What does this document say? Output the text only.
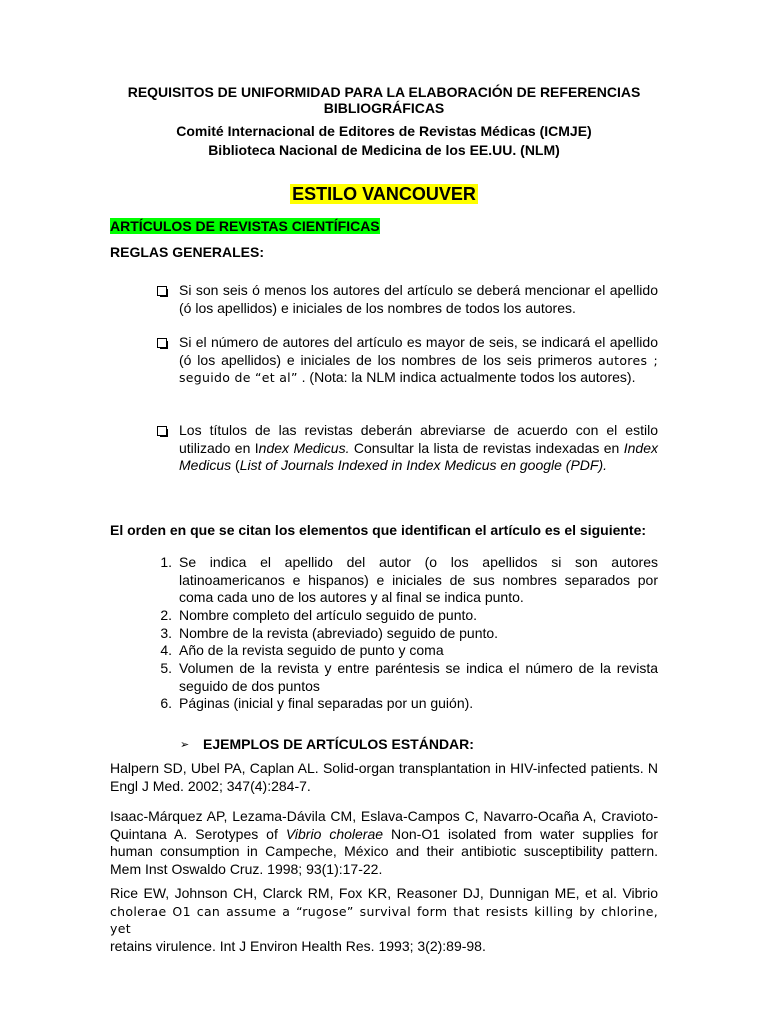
REQUISITOS DE UNIFORMIDAD PARA LA ELABORACIÓN DE REFERENCIAS
BIBLIOGRÁFICAS
Comité Internacional de Editores de Revistas Médicas (ICMJE)
Biblioteca Nacional de Medicina de los EE.UU. (NLM)
ESTILO VANCOUVER
ARTÍCULOS DE REVISTAS CIENTÍFICAS
REGLAS GENERALES:

Si son seis ó menos los autores del artículo se deberá mencionar el apellido (ó los apellidos) e iniciales de los nombres de todos los autores.

Si el número de autores del artículo es mayor de seis, se indicará el apellido (ó los apellidos) e iniciales de los nombres de los seis primeros autores ; seguido de “et al” . (Nota: la NLM indica actualmente todos los autores).

Los títulos de las revistas deberán abreviarse de acuerdo con el estilo utilizado en Index Medicus. Consultar la lista de revistas indexadas en Index Medicus (List of Journals Indexed in Index Medicus en google (PDF).

El orden en que se citan los elementos que identifican el artículo es el siguiente:
1. Se indica el apellido del autor (o los apellidos si son autores latinoamericanos e hispanos) e iniciales de sus nombres separados por coma cada uno de los autores y al final se indica punto.

2. Nombre completo del artículo seguido de punto.

3. Nombre de la revista (abreviado) seguido de punto.

4. Año de la revista seguido de punto y coma

5. Volumen de la revista y entre paréntesis se indica el número de la revista seguido de dos puntos

6. Páginas (inicial y final separadas por un guión).

➢ EJEMPLOS DE ARTÍCULOS ESTÁNDAR:

Halpern SD, Ubel PA, Caplan AL. Solid-organ transplantation in HIV-infected patients. N Engl J Med. 2002; 347(4):284-7.

Isaac-Márquez AP, Lezama-Dávila CM, Eslava-Campos C, Navarro-Ocaña A, Cravioto-Quintana A. Serotypes of Vibrio cholerae Non-O1 isolated from water supplies for human consumption in Campeche, México and their antibiotic susceptibility pattern. Mem Inst Oswaldo Cruz. 1998; 93(1):17-22.

Rice EW, Johnson CH, Clarck RM, Fox KR, Reasoner DJ, Dunnigan ME, et al. Vibrio
cholerae O1 can assume a “rugose” survival form that resists killing by chlorine, yet
retains virulence. Int J Environ Health Res. 1993; 3(2):89-98.
